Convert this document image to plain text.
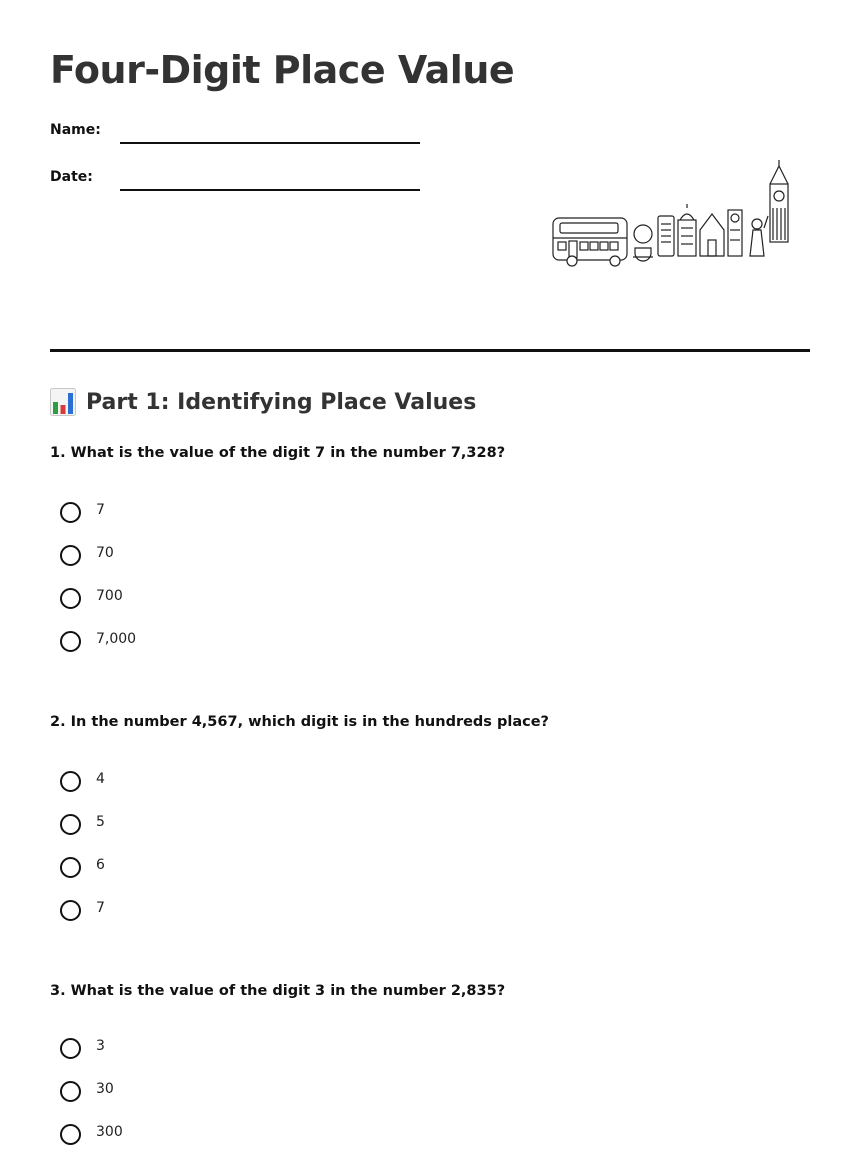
Four-Digit Place Value
Name:
Date:
Part 1: Identifying Place Values

1. What is the value of the digit 7 in the number 7,328?

7
70
700
7,000

2. In the number 4,567, which digit is in the hundreds place?

4
5
6
7

3. What is the value of the digit 3 in the number 2,835?

3
30
300
